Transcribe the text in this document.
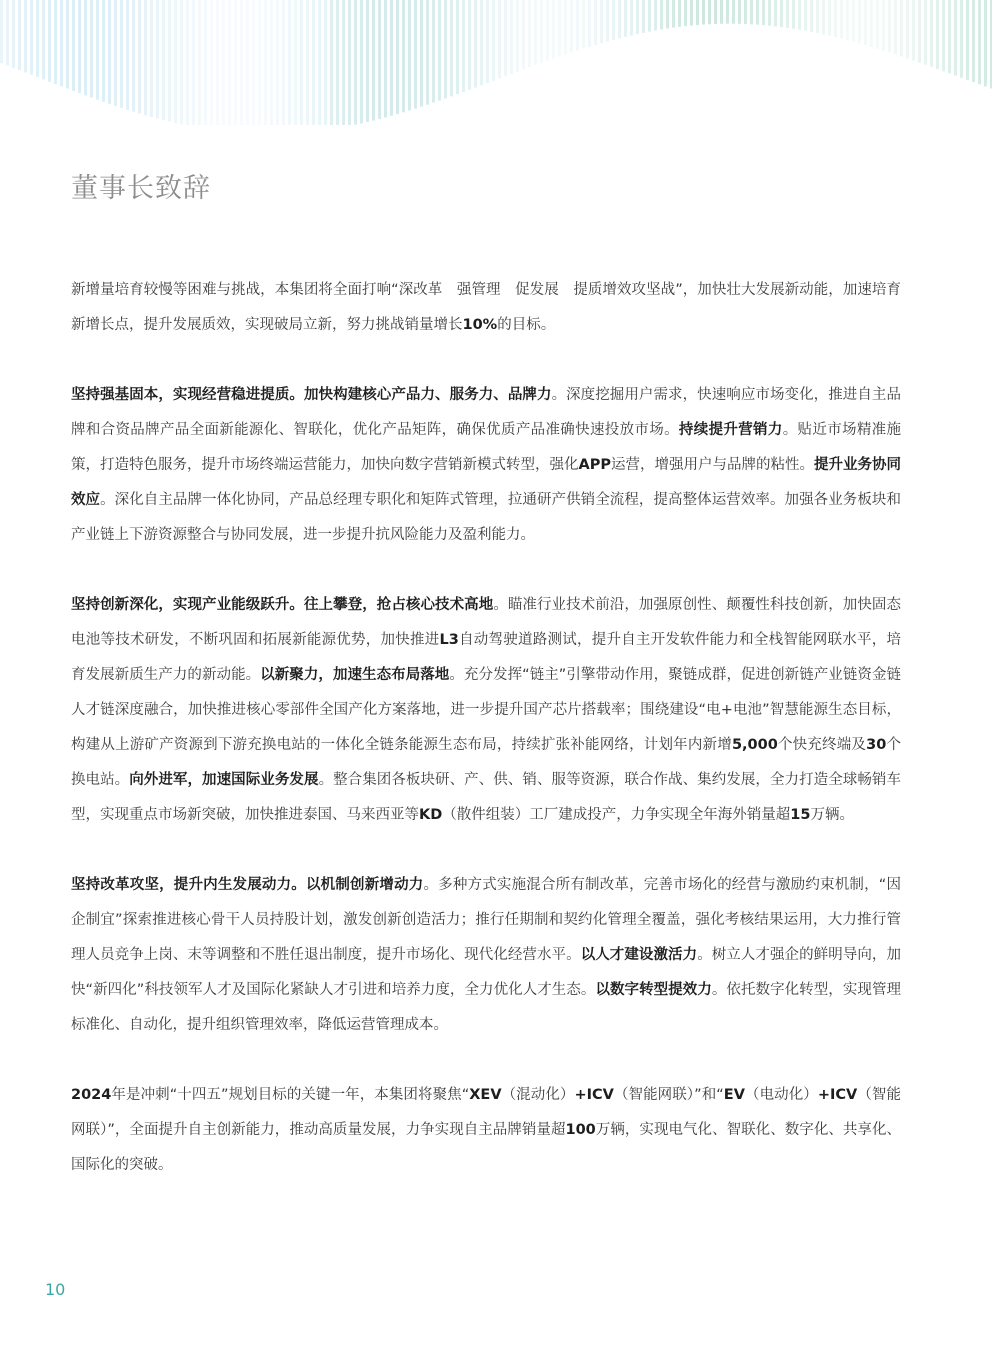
董事长致辞

新增量培育较慢等困难与挑战，本集团将全面打响“深改革　强管理　促发展　提质增效攻坚战”，加快壮大发展新动能，加速培育新增长点，提升发展质效，实现破局立新，努力挑战销量增长10%的目标。

坚持强基固本，实现经营稳进提质。加快构建核心产品力、服务力、品牌力。深度挖掘用户需求，快速响应市场变化，推进自主品牌和合资品牌产品全面新能源化、智联化，优化产品矩阵，确保优质产品准确快速投放市场。持续提升营销力。贴近市场精准施策，打造特色服务，提升市场终端运营能力，加快向数字营销新模式转型，强化APP运营，增强用户与品牌的粘性。提升业务协同效应。深化自主品牌一体化协同，产品总经理专职化和矩阵式管理，拉通研产供销全流程，提高整体运营效率。加强各业务板块和产业链上下游资源整合与协同发展，进一步提升抗风险能力及盈利能力。

坚持创新深化，实现产业能级跃升。往上攀登，抢占核心技术高地。瞄准行业技术前沿，加强原创性、颠覆性科技创新，加快固态电池等技术研发，不断巩固和拓展新能源优势，加快推进L3自动驾驶道路测试，提升自主开发软件能力和全栈智能网联水平，培育发展新质生产力的新动能。以新聚力，加速生态布局落地。充分发挥“链主”引擎带动作用，聚链成群，促进创新链产业链资金链人才链深度融合，加快推进核心零部件全国产化方案落地，进一步提升国产芯片搭载率；围绕建设“电+电池”智慧能源生态目标，构建从上游矿产资源到下游充换电站的一体化全链条能源生态布局，持续扩张补能网络，计划年内新增5,000个快充终端及30个换电站。向外进军，加速国际业务发展。整合集团各板块研、产、供、销、服等资源，联合作战、集约发展，全力打造全球畅销车型，实现重点市场新突破，加快推进泰国、马来西亚等KD（散件组装）工厂建成投产，力争实现全年海外销量超15万辆。

坚持改革攻坚，提升内生发展动力。以机制创新增动力。多种方式实施混合所有制改革，完善市场化的经营与激励约束机制，“因企制宜”探索推进核心骨干人员持股计划，激发创新创造活力；推行任期制和契约化管理全覆盖，强化考核结果运用，大力推行管理人员竞争上岗、末等调整和不胜任退出制度，提升市场化、现代化经营水平。以人才建设激活力。树立人才强企的鲜明导向，加快“新四化”科技领军人才及国际化紧缺人才引进和培养力度，全力优化人才生态。以数字转型提效力。依托数字化转型，实现管理标准化、自动化，提升组织管理效率，降低运营管理成本。

2024年是冲刺“十四五”规划目标的关键一年，本集团将聚焦“XEV（混动化）+ICV（智能网联）”和“EV（电动化）+ICV（智能网联）”，全面提升自主创新能力，推动高质量发展，力争实现自主品牌销量超100万辆，实现电气化、智联化、数字化、共享化、国际化的突破。

10
